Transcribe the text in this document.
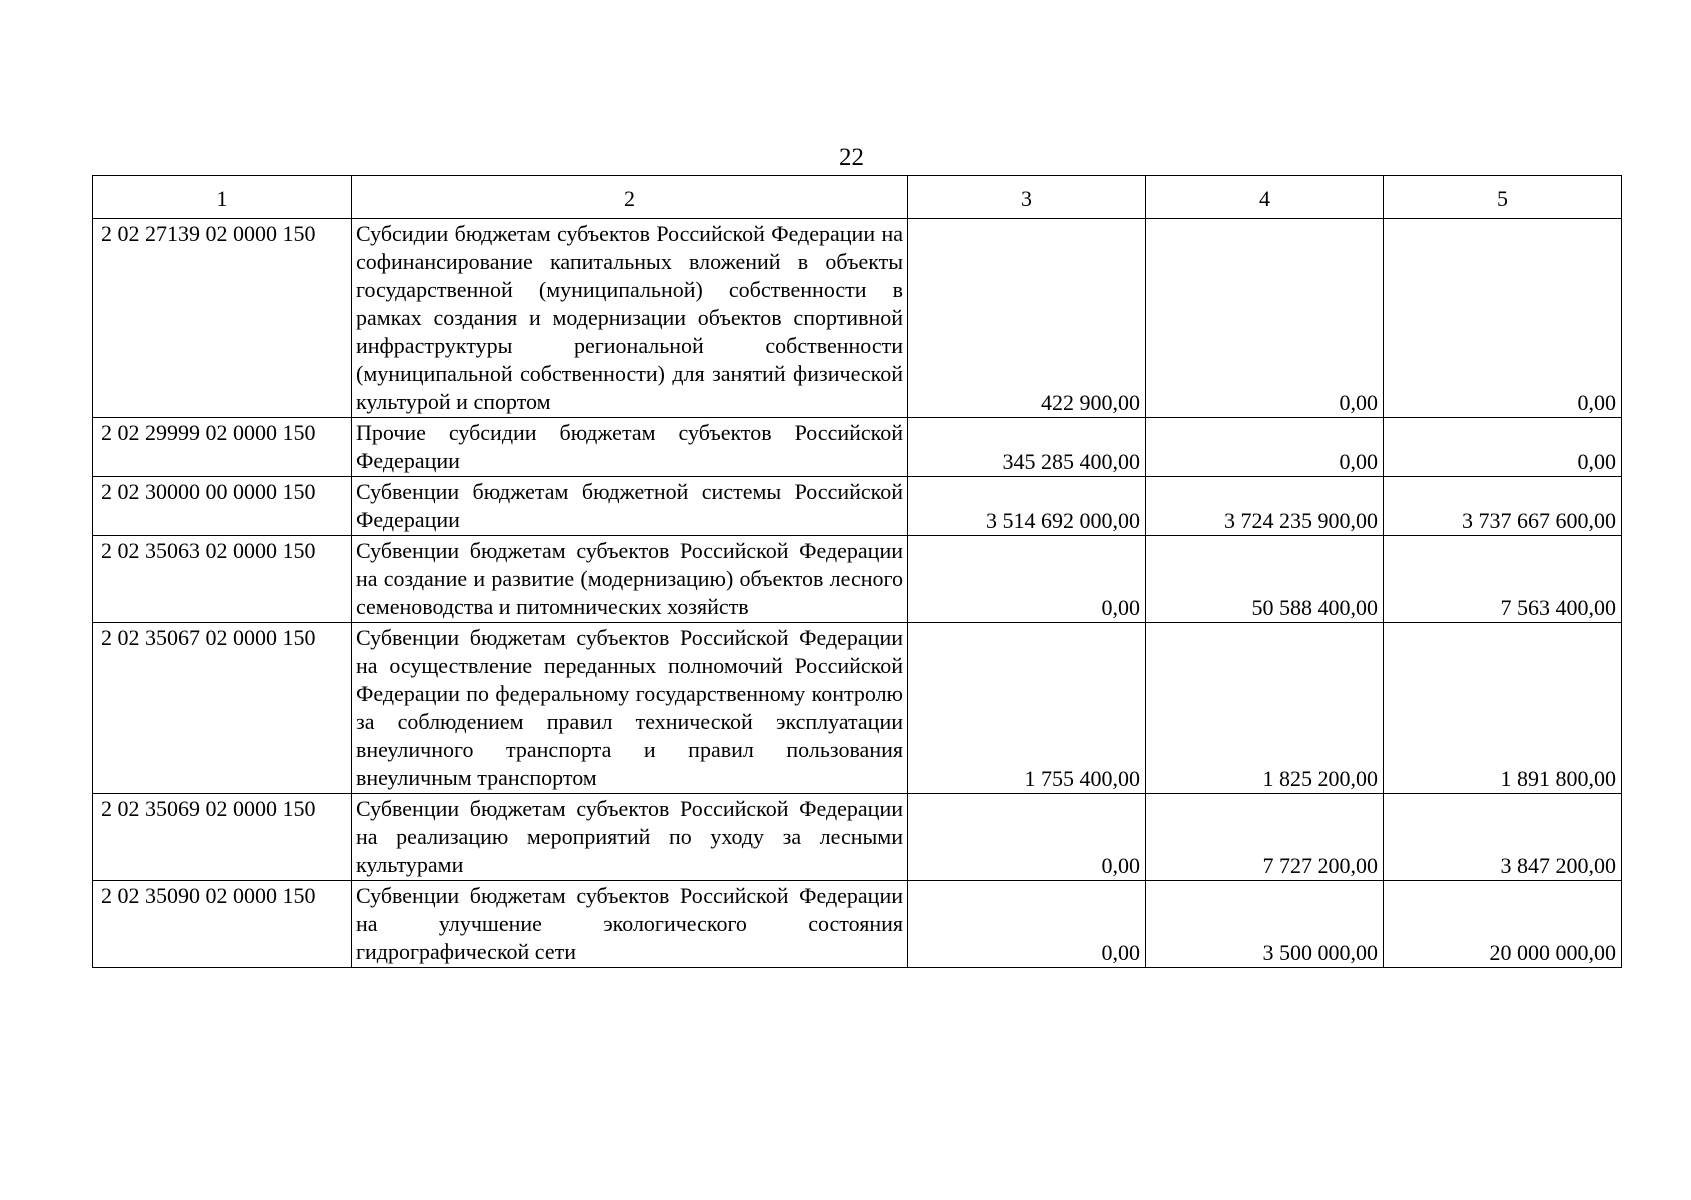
22
1	2	3	4	5
2 02 27139 02 0000 150	Субсидии бюджетам субъектов Российской Федерации на софинансирование капитальных вложений в объекты государственной (муниципальной) собственности в рамках создания и модернизации объектов спортивной инфраструктуры региональной собственности (муниципальной собственности) для занятий физической культурой и спортом	422 900,00	0,00	0,00
2 02 29999 02 0000 150	Прочие субсидии бюджетам субъектов Российской Федерации	345 285 400,00	0,00	0,00
2 02 30000 00 0000 150	Субвенции бюджетам бюджетной системы Российской Федерации	3 514 692 000,00	3 724 235 900,00	3 737 667 600,00
2 02 35063 02 0000 150	Субвенции бюджетам субъектов Российской Федерации на создание и развитие (модернизацию) объектов лесного семеноводства и питомнических хозяйств	0,00	50 588 400,00	7 563 400,00
2 02 35067 02 0000 150	Субвенции бюджетам субъектов Российской Федерации на осуществление переданных полномочий Российской Федерации по федеральному государственному контролю за соблюдением правил технической эксплуатации внеуличного транспорта и правил пользования внеуличным транспортом	1 755 400,00	1 825 200,00	1 891 800,00
2 02 35069 02 0000 150	Субвенции бюджетам субъектов Российской Федерации на реализацию мероприятий по уходу за лесными культурами	0,00	7 727 200,00	3 847 200,00
2 02 35090 02 0000 150	Субвенции бюджетам субъектов Российской Федерации на улучшение экологического состояния гидрографической сети	0,00	3 500 000,00	20 000 000,00
